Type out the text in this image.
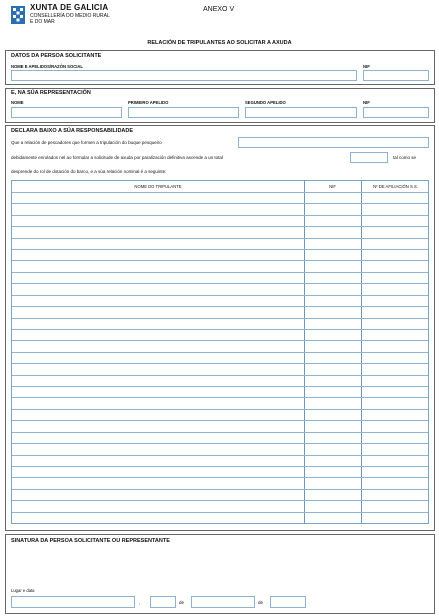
XUNTA DE GALICIA
CONSELLERÍA DO MEDIO RURAL
E DO MAR
ANEXO V
RELACIÓN DE TRIPULANTES AO SOLICITAR A AXUDA
DATOS DA PERSOA SOLICITANTE
NOME E APELIDOS/RAZÓN SOCIAL	NIF
E, NA SÚA REPRESENTACIÓN
NOME	PRIMEIRO APELIDO	SEGUNDO APELIDO	NIF
DECLARA BAIXO A SÚA RESPONSABILIDADE
Que a relación de pescadores que formen a tripulación do buque pesqueiro
debidamente enrolados nel ao formular a solicitude de axuda por paralización definitiva ascende a un total	tal como se
desprende do rol de dotación do barco, e a súa relación nominal é a seguinte:
NOME DO TRIPULANTE	NIF	Nº DE AFILIACIÓN S.S.
SINATURA DA PERSOA SOLICITANTE OU REPRESENTANTE
Lugar e data
,	de	de
